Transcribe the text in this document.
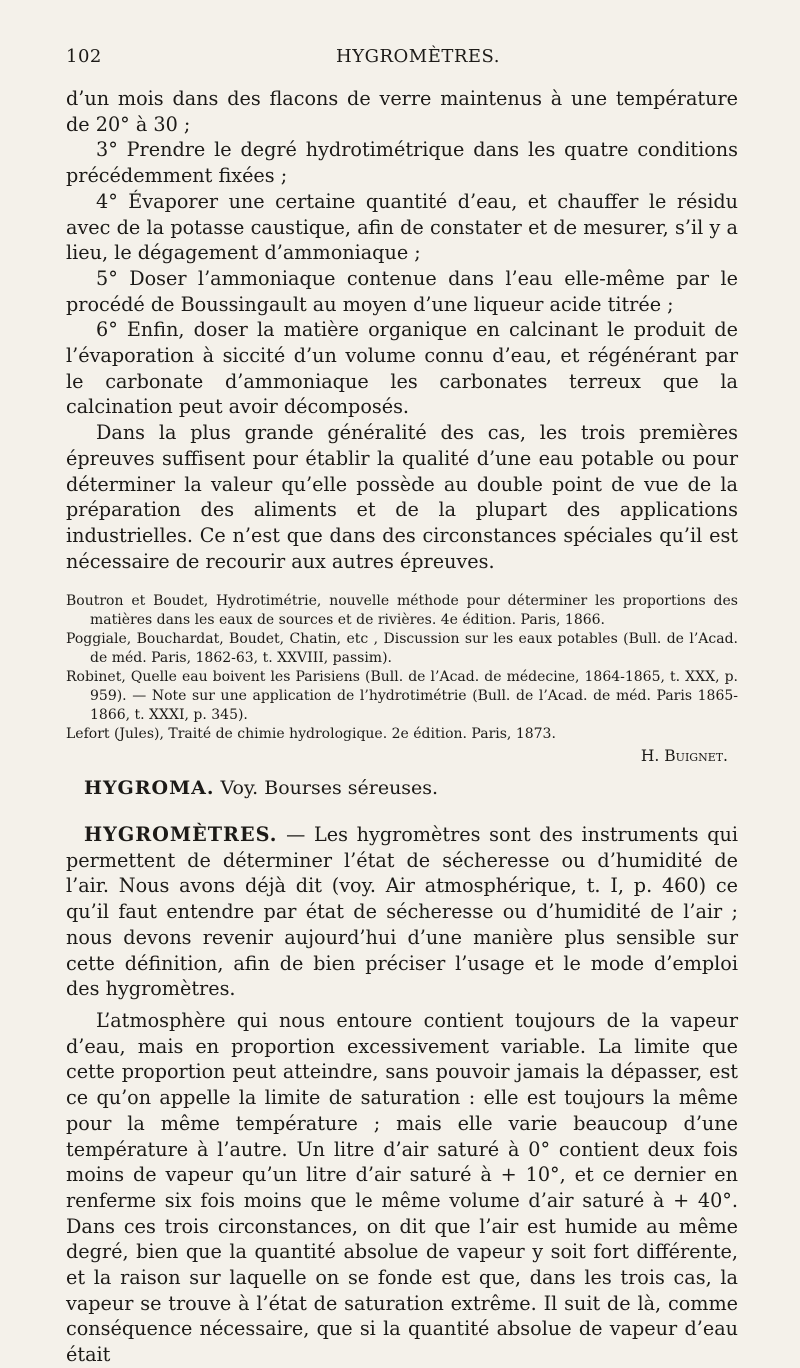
102	HYGROMÈTRES.

d’un mois dans des flacons de verre maintenus à une température de 20° à 30 ;

3° Prendre le degré hydrotimétrique dans les quatre conditions précédemment fixées ;

4° Évaporer une certaine quantité d’eau, et chauffer le résidu avec de la potasse caustique, afin de constater et de mesurer, s’il y a lieu, le dégagement d’ammoniaque ;

5° Doser l’ammoniaque contenue dans l’eau elle-même par le procédé de Boussingault au moyen d’une liqueur acide titrée ;

6° Enfin, doser la matière organique en calcinant le produit de l’évaporation à siccité d’un volume connu d’eau, et régénérant par le carbonate d’ammoniaque les carbonates terreux que la calcination peut avoir décomposés.

Dans la plus grande généralité des cas, les trois premières épreuves suffisent pour établir la qualité d’une eau potable ou pour déterminer la valeur qu’elle possède au double point de vue de la préparation des aliments et de la plupart des applications industrielles. Ce n’est que dans des circonstances spéciales qu’il est nécessaire de recourir aux autres épreuves.

Boutron et Boudet, Hydrotimétrie, nouvelle méthode pour déterminer les proportions des matières dans les eaux de sources et de rivières. 4e édition. Paris, 1866.

Poggiale, Bouchardat, Boudet, Chatin, etc , Discussion sur les eaux potables (Bull. de l’Acad. de méd. Paris, 1862-63, t. XXVIII, passim).

Robinet, Quelle eau boivent les Parisiens (Bull. de l’Acad. de médecine, 1864-1865, t. XXX, p. 959). — Note sur une application de l’hydrotimétrie (Bull. de l’Acad. de méd. Paris 1865-1866, t. XXXI, p. 345).

Lefort (Jules), Traité de chimie hydrologique. 2e édition. Paris, 1873.

H. Buignet.

HYGROMA. Voy. Bourses séreuses.

HYGROMÈTRES. — Les hygromètres sont des instruments qui permettent de déterminer l’état de sécheresse ou d’humidité de l’air. Nous avons déjà dit (voy. Air atmosphérique, t. I, p. 460) ce qu’il faut entendre par état de sécheresse ou d’humidité de l’air ; nous devons revenir aujourd’hui d’une manière plus sensible sur cette définition, afin de bien préciser l’usage et le mode d’emploi des hygromètres.

L’atmosphère qui nous entoure contient toujours de la vapeur d’eau, mais en proportion excessivement variable. La limite que cette proportion peut atteindre, sans pouvoir jamais la dépasser, est ce qu’on appelle la limite de saturation : elle est toujours la même pour la même température ; mais elle varie beaucoup d’une température à l’autre. Un litre d’air saturé à 0° contient deux fois moins de vapeur qu’un litre d’air saturé à + 10°, et ce dernier en renferme six fois moins que le même volume d’air saturé à + 40°. Dans ces trois circonstances, on dit que l’air est humide au même degré, bien que la quantité absolue de vapeur y soit fort différente, et la raison sur laquelle on se fonde est que, dans les trois cas, la vapeur se trouve à l’état de saturation extrême. Il suit de là, comme conséquence nécessaire, que si la quantité absolue de vapeur d’eau était
